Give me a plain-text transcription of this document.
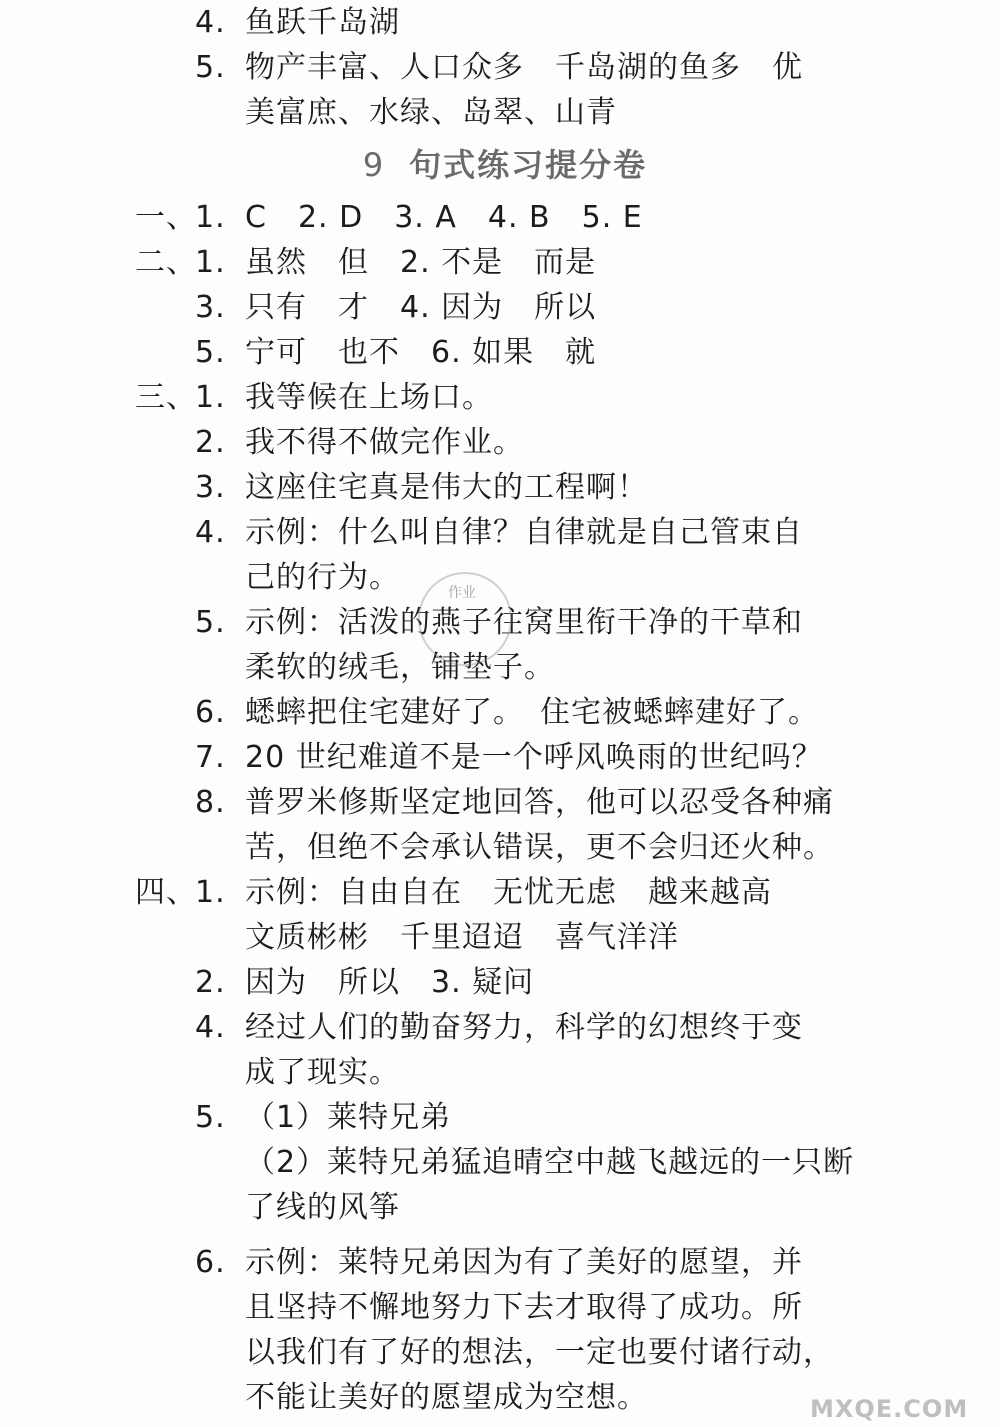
9 句式练习提分卷
4. 鱼跃千岛湖
5. 物产丰富、人口众多　千岛湖的鱼多　优
美富庶、水绿、岛翠、山青
一、
1. C　2. D　3. A　4. B　5. E
二、
1. 虽然　但　2. 不是　而是
3. 只有　才　4. 因为　所以
5. 宁可　也不　6. 如果　就
三、
1. 我等候在上场口。
2. 我不得不做完作业。
3. 这座住宅真是伟大的工程啊！
4. 示例：什么叫自律？自律就是自己管束自
己的行为。
5. 示例：活泼的燕子往窝里衔干净的干草和
柔软的绒毛，铺垫子。
6. 蟋蟀把住宅建好了。　住宅被蟋蟀建好了。
7. 20 世纪难道不是一个呼风唤雨的世纪吗？
8. 普罗米修斯坚定地回答，他可以忍受各种痛
苦，但绝不会承认错误，更不会归还火种。
四、
1. 示例：自由自在　无忧无虑　越来越高
文质彬彬　千里迢迢　喜气洋洋
2. 因为　所以　3. 疑问
4. 经过人们的勤奋努力，科学的幻想终于变
成了现实。
5. （1）莱特兄弟
（2）莱特兄弟猛追晴空中越飞越远的一只断
了线的风筝
6. 示例：莱特兄弟因为有了美好的愿望，并
且坚持不懈地努力下去才取得了成功。所
以我们有了好的想法，一定也要付诸行动，
不能让美好的愿望成为空想。
作业
MXQE.COM
